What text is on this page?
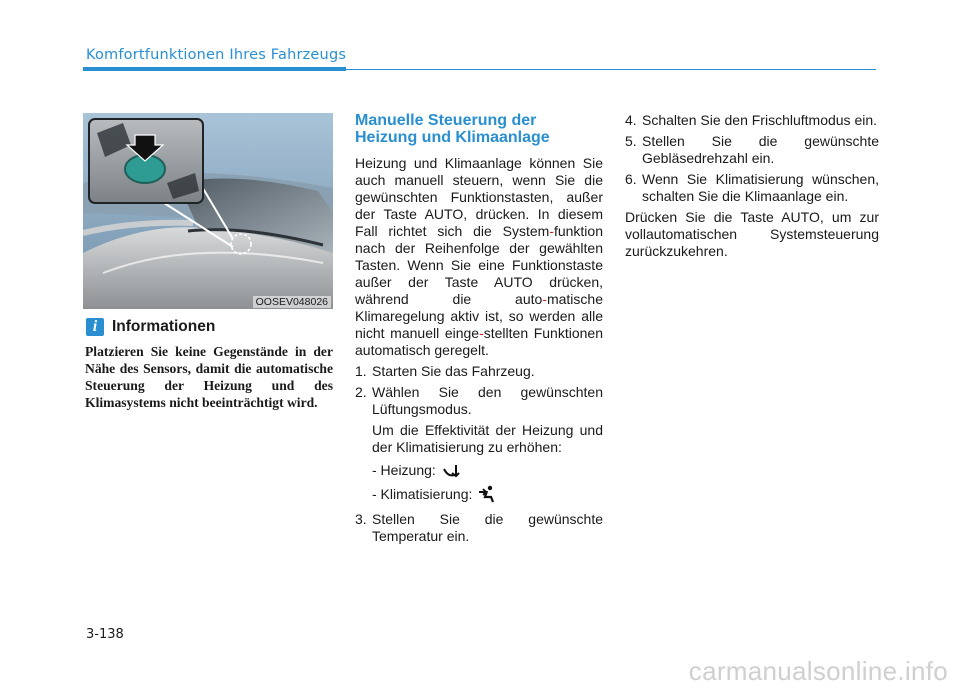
Komfortfunktionen Ihres Fahrzeugs
OOSEV048026
i Informationen
Platzieren Sie keine Gegenstände in der Nähe des Sensors, damit die automatische Steuerung der Heizung und des Klimasystems nicht beeinträchtigt wird.
Manuelle Steuerung der
Heizung und Klimaanlage

Heizung und Klimaanlage können Sie auch manuell steuern, wenn Sie die gewünschten Funktionstasten, außer der Taste AUTO, drücken. In diesem Fall richtet sich die System-funktion nach der Reihenfolge der gewählten Tasten. Wenn Sie eine Funktionstaste außer der Taste AUTO drücken, während die auto-matische Klimaregelung aktiv ist, so werden alle nicht manuell einge-stellten Funktionen automatisch geregelt.

1. Starten Sie das Fahrzeug.
2. Wählen Sie den gewünschten Lüftungsmodus.
Um die Effektivität der Heizung und der Klimatisierung zu erhöhen:
- Heizung:
- Klimatisierung:
3. Stellen Sie die gewünschte Temperatur ein.
4. Schalten Sie den Frischluftmodus ein.
5. Stellen Sie die gewünschte Gebläsedrehzahl ein.
6. Wenn Sie Klimatisierung wünschen, schalten Sie die Klimaanlage ein.

Drücken Sie die Taste AUTO, um zur vollautomatischen Systemsteuerung zurückzukehren.

3-138
carmanualsonline.info
